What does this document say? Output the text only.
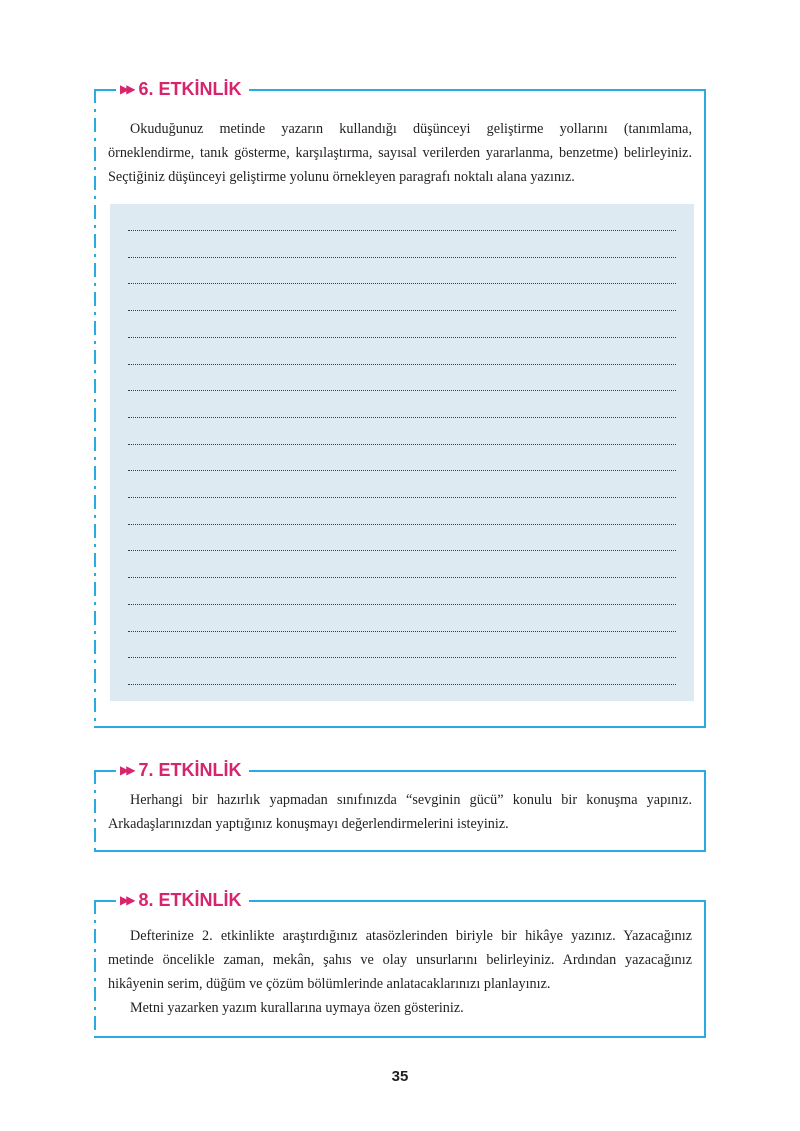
▶▶ 6. ETKİNLİK

Okuduğunuz metinde yazarın kullandığı düşünceyi geliştirme yollarını (tanımlama, örneklendirme, tanık gösterme, karşılaştırma, sayısal verilerden yararlanma, benzetme) belirleyiniz. Seçtiğiniz düşünceyi geliştirme yolunu örnekleyen paragrafı noktalı alana yazınız.

▶▶ 7. ETKİNLİK

Herhangi bir hazırlık yapmadan sınıfınızda “sevginin gücü” konulu bir konuşma yapınız. Arkadaşlarınızdan yaptığınız konuşmayı değerlendirmelerini isteyiniz.

▶▶ 8. ETKİNLİK

Defterinize 2. etkinlikte araştırdığınız atasözlerinden biriyle bir hikâye yazınız. Yazacağınız metinde öncelikle zaman, mekân, şahıs ve olay unsurlarını belirleyiniz. Ardından yazacağınız hikâyenin serim, düğüm ve çözüm bölümlerinde anlatacaklarınızı planlayınız.

Metni yazarken yazım kurallarına uymaya özen gösteriniz.

35
